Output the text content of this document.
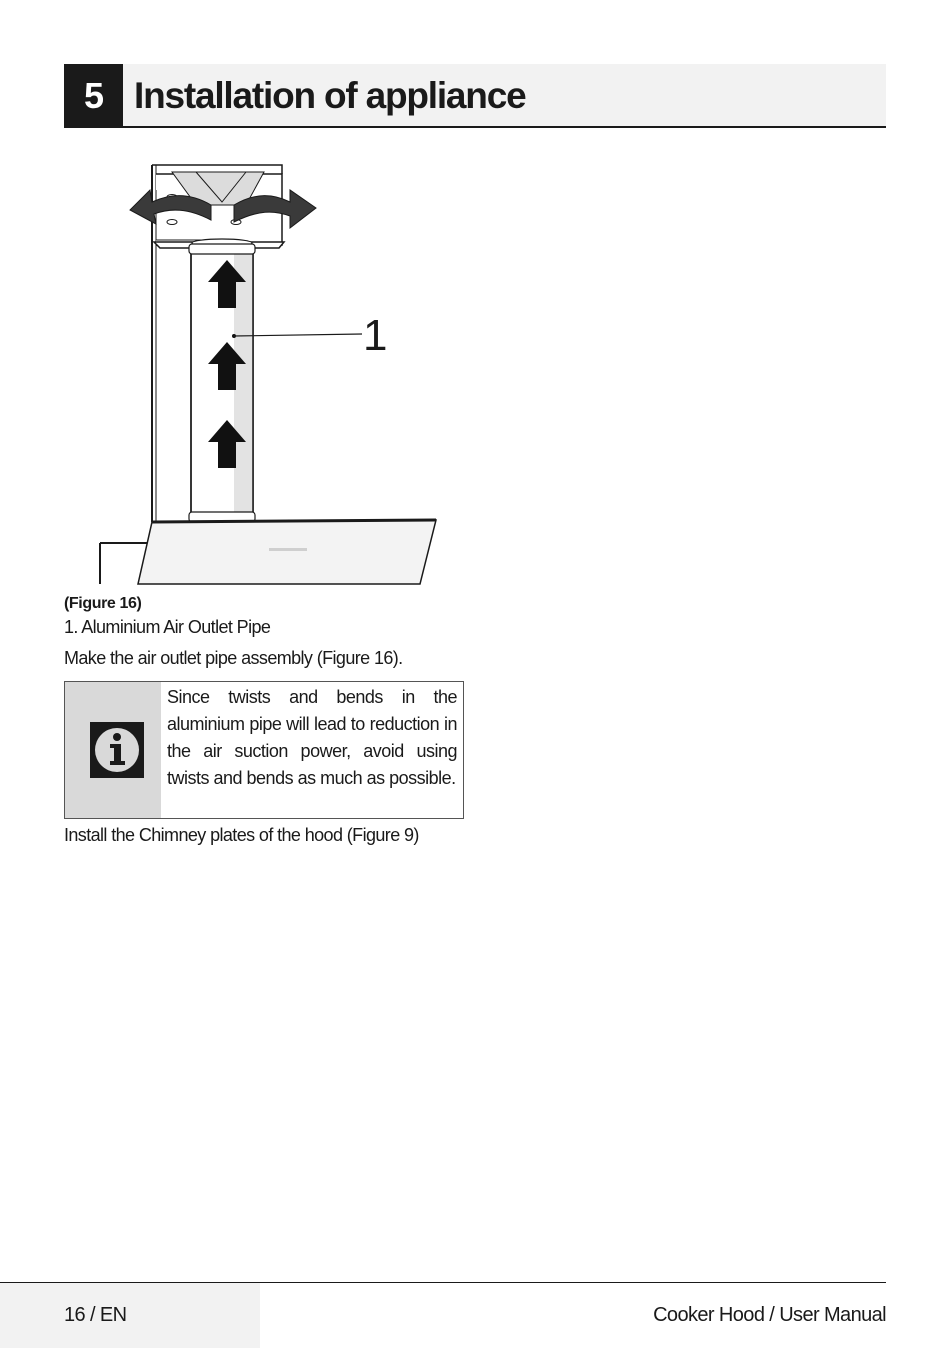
5 Installation of appliance
1
(Figure 16)
1. Aluminium Air Outlet Pipe
Make the air outlet pipe assembly (Figure 16).
Since twists and bends in the aluminium pipe will lead to reduction in the air suction power, avoid using twists and bends as much as possible.
Install the Chimney plates of the hood (Figure 9)
16 / EN	Cooker Hood / User Manual
